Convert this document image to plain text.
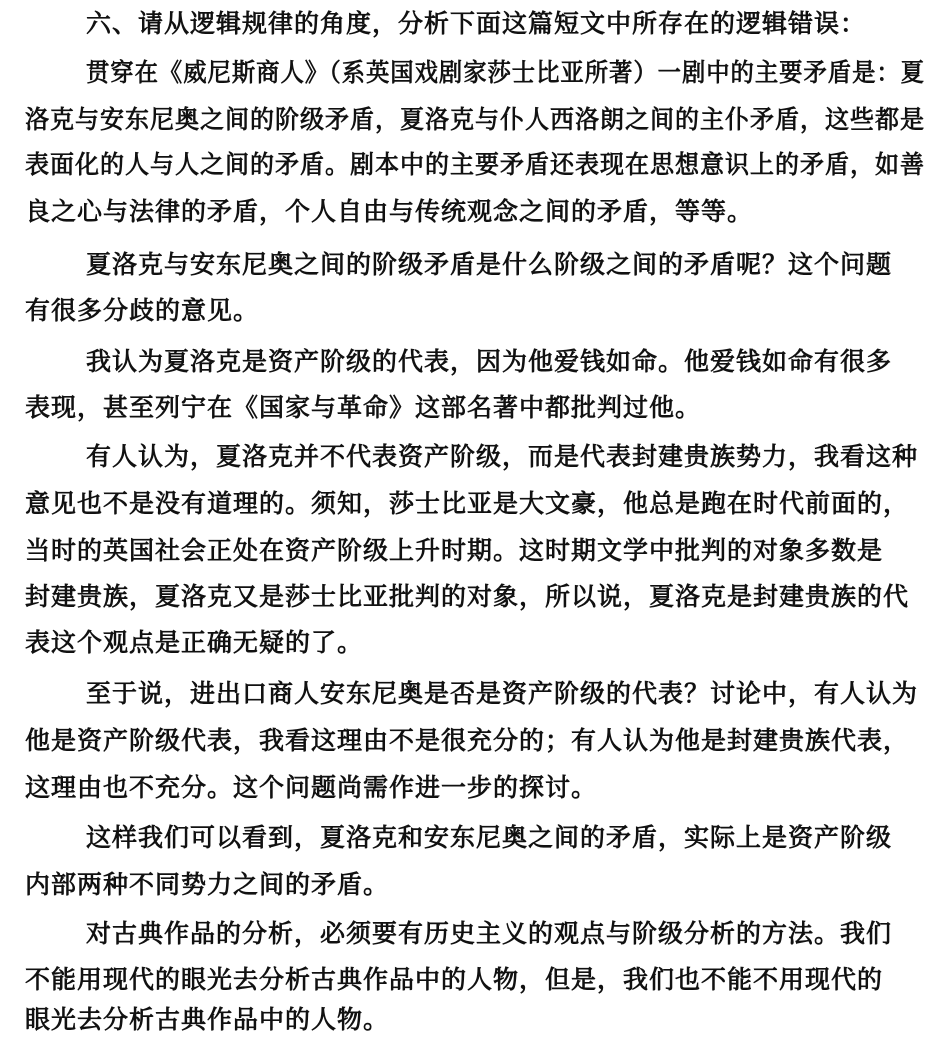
六、请从逻辑规律的角度，分析下面这篇短文中所存在的逻辑错误：
贯穿在《威尼斯商人》（系英国戏剧家莎士比亚所著）一剧中的主要矛盾是：夏
洛克与安东尼奥之间的阶级矛盾，夏洛克与仆人西洛朗之间的主仆矛盾，这些都是
表面化的人与人之间的矛盾。剧本中的主要矛盾还表现在思想意识上的矛盾，如善
良之心与法律的矛盾，个人自由与传统观念之间的矛盾，等等。
夏洛克与安东尼奥之间的阶级矛盾是什么阶级之间的矛盾呢？这个问题
有很多分歧的意见。
我认为夏洛克是资产阶级的代表，因为他爱钱如命。他爱钱如命有很多
表现，甚至列宁在《国家与革命》这部名著中都批判过他。
有人认为，夏洛克并不代表资产阶级，而是代表封建贵族势力，我看这种
意见也不是没有道理的。须知，莎士比亚是大文豪，他总是跑在时代前面的，
当时的英国社会正处在资产阶级上升时期。这时期文学中批判的对象多数是
封建贵族，夏洛克又是莎士比亚批判的对象，所以说，夏洛克是封建贵族的代
表这个观点是正确无疑的了。
至于说，进出口商人安东尼奥是否是资产阶级的代表？讨论中，有人认为
他是资产阶级代表，我看这理由不是很充分的；有人认为他是封建贵族代表，
这理由也不充分。这个问题尚需作进一步的探讨。
这样我们可以看到，夏洛克和安东尼奥之间的矛盾，实际上是资产阶级
内部两种不同势力之间的矛盾。
对古典作品的分析，必须要有历史主义的观点与阶级分析的方法。我们
不能用现代的眼光去分析古典作品中的人物，但是，我们也不能不用现代的
眼光去分析古典作品中的人物。
